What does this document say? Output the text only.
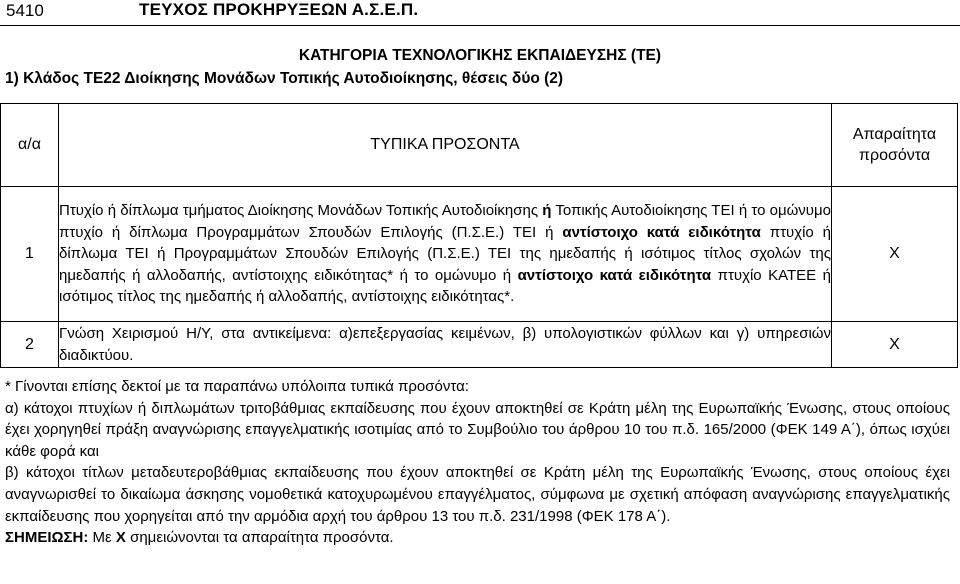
5410	ΤΕΥΧΟΣ ΠΡΟΚΗΡΥΞΕΩΝ Α.Σ.Ε.Π.
ΚΑΤΗΓΟΡΙΑ ΤΕΧΝΟΛΟΓΙΚΗΣ ΕΚΠΑΙΔΕΥΣΗΣ (ΤΕ)
1) Κλάδος ΤΕ22 Διοίκησης Μονάδων Τοπικής Αυτοδιοίκησης, θέσεις δύο (2)
α/α	ΤΥΠΙΚΑ ΠΡΟΣΟΝΤΑ	Απαραίτητα
προσόντα
1	Πτυχίο ή δίπλωμα τμήματος Διοίκησης Μονάδων Τοπικής Αυτοδιοίκησης ή Τοπικής Αυτοδιοίκησης ΤΕΙ ή το ομώνυμο πτυχίο ή δίπλωμα Προγραμμάτων Σπουδών Επιλογής (Π.Σ.Ε.) ΤΕΙ ή αντίστοιχο κατά ειδικότητα πτυχίο ή δίπλωμα ΤΕΙ ή Προγραμμάτων Σπουδών Επιλογής (Π.Σ.Ε.) ΤΕΙ της ημεδαπής ή ισότιμος τίτλος σχολών της ημεδαπής ή αλλοδαπής, αντίστοιχης ειδικότητας* ή το ομώνυμο ή αντίστοιχο κατά ειδικότητα πτυχίο ΚΑΤΕΕ ή ισότιμος τίτλος της ημεδαπής ή αλλοδαπής, αντίστοιχης ειδικότητας*.	Χ
2	Γνώση Χειρισμού Η/Υ, στα αντικείμενα: α)επεξεργασίας κειμένων, β) υπολογιστικών φύλλων και γ) υπηρεσιών διαδικτύου.	Χ

* Γίνονται επίσης δεκτοί με τα παραπάνω υπόλοιπα τυπικά προσόντα:

α) κάτοχοι πτυχίων ή διπλωμάτων τριτοβάθμιας εκπαίδευσης που έχουν αποκτηθεί σε Κράτη μέλη της Ευρωπαϊκής Ένωσης, στους οποίους έχει χορηγηθεί πράξη αναγνώρισης επαγγελματικής ισοτιμίας από το Συμβούλιο του άρθρου 10 του π.δ. 165/2000 (ΦΕΚ 149 Α΄), όπως ισχύει κάθε φορά και

β) κάτοχοι τίτλων μεταδευτεροβάθμιας εκπαίδευσης που έχουν αποκτηθεί σε Κράτη μέλη της Ευρωπαϊκής Ένωσης, στους οποίους έχει αναγνωρισθεί το δικαίωμα άσκησης νομοθετικά κατοχυρωμένου επαγγέλματος, σύμφωνα με σχετική απόφαση αναγνώρισης επαγγελματικής εκπαίδευσης που χορηγείται από την αρμόδια αρχή του άρθρου 13 του π.δ. 231/1998 (ΦΕΚ 178 Α΄).

ΣΗΜΕΙΩΣΗ: Με Χ σημειώνονται τα απαραίτητα προσόντα.
